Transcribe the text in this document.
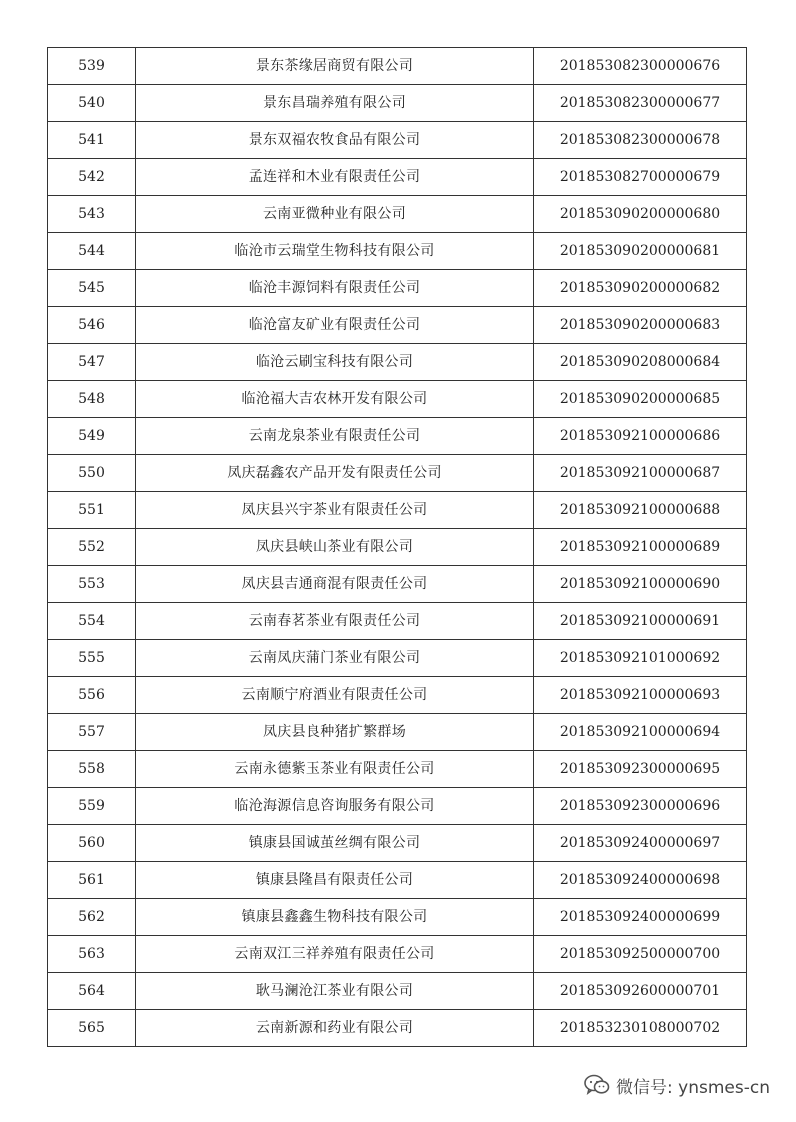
539	景东茶缘居商贸有限公司	201853082300000676
540	景东昌瑞养殖有限公司	201853082300000677
541	景东双福农牧食品有限公司	201853082300000678
542	孟连祥和木业有限责任公司	201853082700000679
543	云南亚微种业有限公司	201853090200000680
544	临沧市云瑞堂生物科技有限公司	201853090200000681
545	临沧丰源饲料有限责任公司	201853090200000682
546	临沧富友矿业有限责任公司	201853090200000683
547	临沧云刷宝科技有限公司	201853090208000684
548	临沧福大吉农林开发有限公司	201853090200000685
549	云南龙泉茶业有限责任公司	201853092100000686
550	凤庆磊鑫农产品开发有限责任公司	201853092100000687
551	凤庆县兴宇茶业有限责任公司	201853092100000688
552	凤庆县峡山茶业有限公司	201853092100000689
553	凤庆县吉通商混有限责任公司	201853092100000690
554	云南春茗茶业有限责任公司	201853092100000691
555	云南凤庆蒲门茶业有限公司	201853092101000692
556	云南顺宁府酒业有限责任公司	201853092100000693
557	凤庆县良种猪扩繁群场	201853092100000694
558	云南永德紫玉茶业有限责任公司	201853092300000695
559	临沧海源信息咨询服务有限公司	201853092300000696
560	镇康县国诚茧丝绸有限公司	201853092400000697
561	镇康县隆昌有限责任公司	201853092400000698
562	镇康县鑫鑫生物科技有限公司	201853092400000699
563	云南双江三祥养殖有限责任公司	201853092500000700
564	耿马澜沧江茶业有限公司	201853092600000701
565	云南新源和药业有限公司	201853230108000702
微信号: ynsmes-cn
